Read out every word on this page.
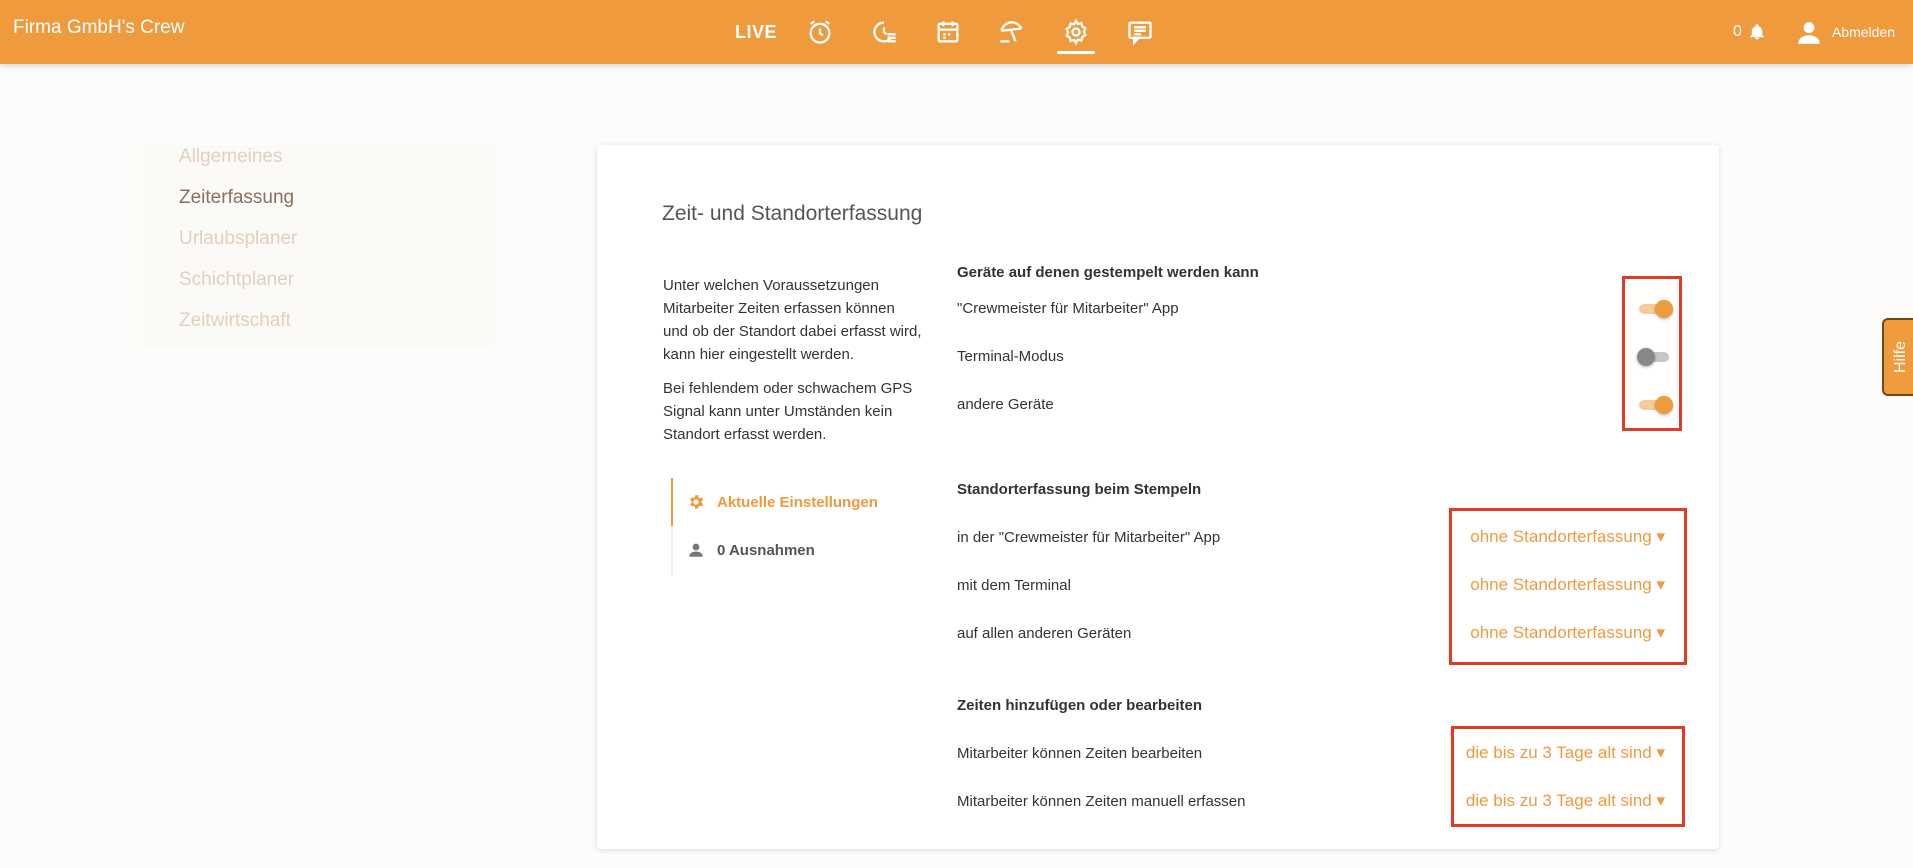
Firma GmbH's Crew	LIVE	0	Abmelden
Allgemeines
Zeiterfassung
Urlaubsplaner
Schichtplaner
Zeitwirtschaft
Zeit- und Standorterfassung
Unter welchen Voraussetzungen Mitarbeiter Zeiten erfassen können und ob der Standort dabei erfasst wird, kann hier eingestellt werden.
Bei fehlendem oder schwachem GPS Signal kann unter Umständen kein Standort erfasst werden.
Aktuelle Einstellungen
0 Ausnahmen
Geräte auf denen gestempelt werden kann
"Crewmeister für Mitarbeiter" App
Terminal-Modus
andere Geräte
Standorterfassung beim Stempeln
in der "Crewmeister für Mitarbeiter" App	ohne Standorterfassung ▾
mit dem Terminal	ohne Standorterfassung ▾
auf allen anderen Geräten	ohne Standorterfassung ▾
Zeiten hinzufügen oder bearbeiten
Mitarbeiter können Zeiten bearbeiten	die bis zu 3 Tage alt sind ▾
Mitarbeiter können Zeiten manuell erfassen	die bis zu 3 Tage alt sind ▾
Hilfe
